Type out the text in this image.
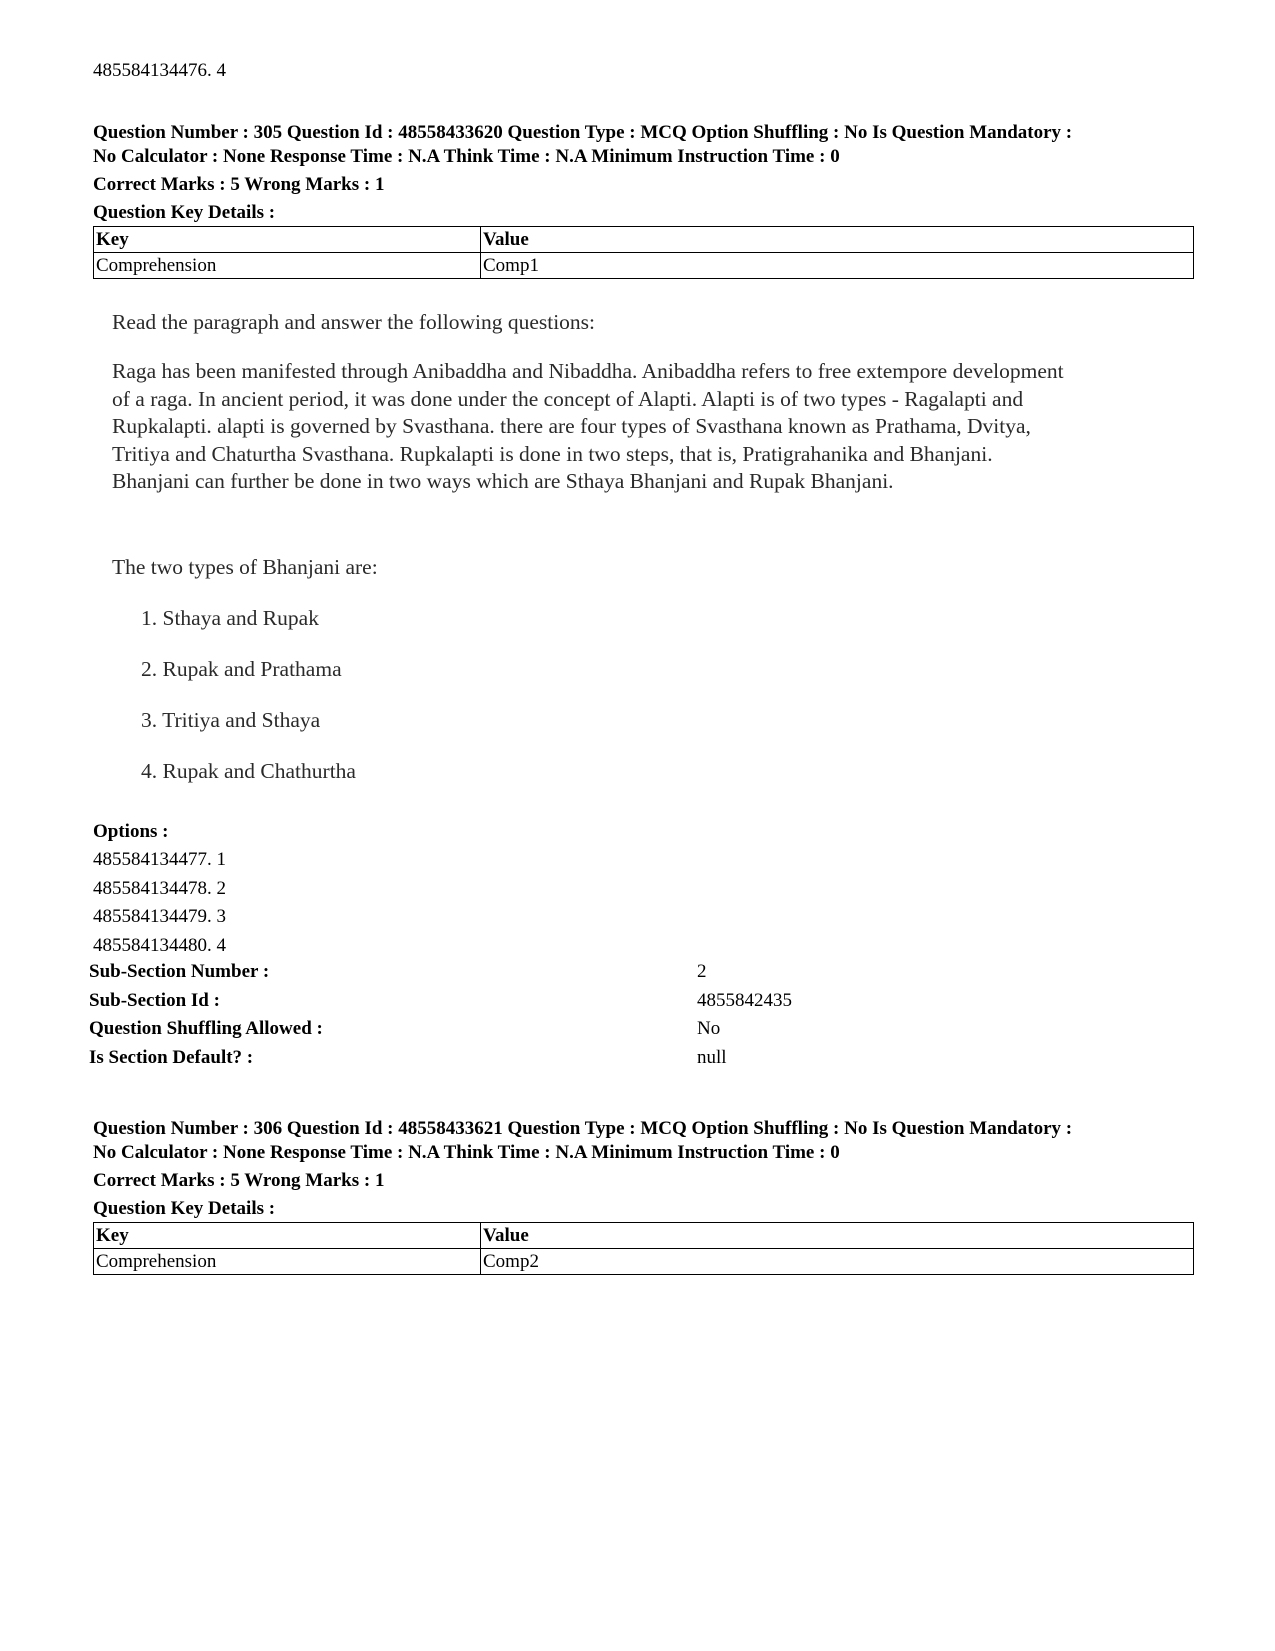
485584134476. 4

Question Number : 305 Question Id : 48558433620 Question Type : MCQ Option Shuffling : No Is Question Mandatory :

No Calculator : None Response Time : N.A Think Time : N.A Minimum Instruction Time : 0

Correct Marks : 5 Wrong Marks : 1

Question Key Details :

Key	Value
Comprehension	Comp1

Read the paragraph and answer the following questions:

Raga has been manifested through Anibaddha and Nibaddha. Anibaddha refers to free extempore development

of a raga. In ancient period, it was done under the concept of Alapti. Alapti is of two types - Ragalapti and

Rupkalapti. alapti is governed by Svasthana. there are four types of Svasthana known as Prathama, Dvitya,

Tritiya and Chaturtha Svasthana. Rupkalapti is done in two steps, that is, Pratigrahanika and Bhanjani.

Bhanjani can further be done in two ways which are Sthaya Bhanjani and Rupak Bhanjani.

The two types of Bhanjani are:

1. Sthaya and Rupak
2. Rupak and Prathama
3. Tritiya and Sthaya
4. Rupak and Chathurtha
Options :
485584134477. 1
485584134478. 2
485584134479. 3
485584134480. 4
Sub-Section Number :	2
Sub-Section Id :	4855842435
Question Shuffling Allowed :	No
Is Section Default? :	null

Question Number : 306 Question Id : 48558433621 Question Type : MCQ Option Shuffling : No Is Question Mandatory :

No Calculator : None Response Time : N.A Think Time : N.A Minimum Instruction Time : 0

Correct Marks : 5 Wrong Marks : 1

Question Key Details :

Key	Value
Comprehension	Comp2
